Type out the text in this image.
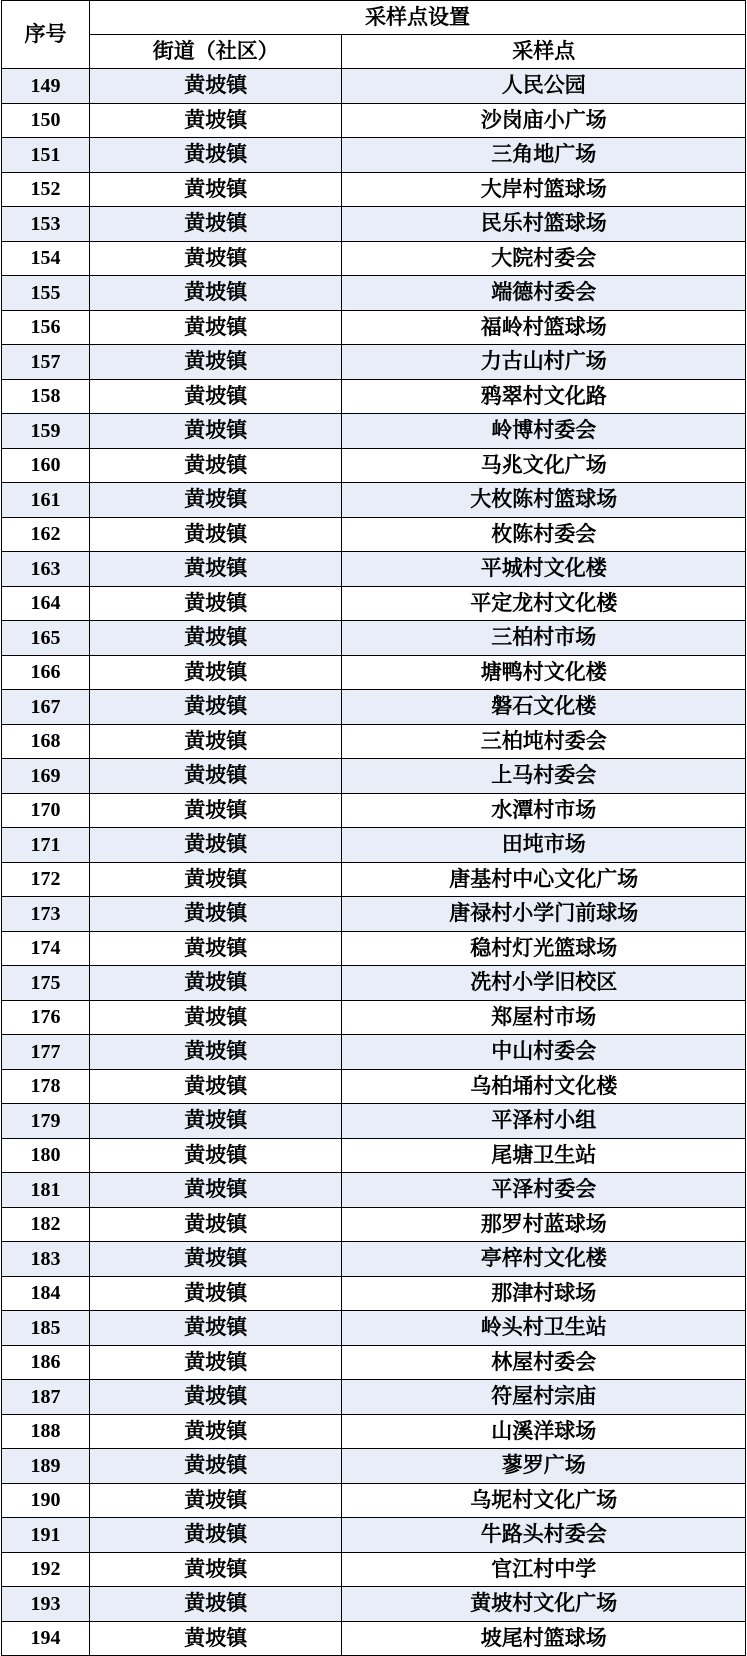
序号	采样点设置	
	街道（社区）	采样点
149	黄坡镇	人民公园
150	黄坡镇	沙岗庙小广场
151	黄坡镇	三角地广场
152	黄坡镇	大岸村篮球场
153	黄坡镇	民乐村篮球场
154	黄坡镇	大院村委会
155	黄坡镇	端德村委会
156	黄坡镇	福岭村篮球场
157	黄坡镇	力古山村广场
158	黄坡镇	鸦翠村文化路
159	黄坡镇	岭博村委会
160	黄坡镇	马兆文化广场
161	黄坡镇	大枚陈村篮球场
162	黄坡镇	枚陈村委会
163	黄坡镇	平城村文化楼
164	黄坡镇	平定龙村文化楼
165	黄坡镇	三柏村市场
166	黄坡镇	塘鸭村文化楼
167	黄坡镇	磐石文化楼
168	黄坡镇	三柏坉村委会
169	黄坡镇	上马村委会
170	黄坡镇	水潭村市场
171	黄坡镇	田坉市场
172	黄坡镇	唐基村中心文化广场
173	黄坡镇	唐禄村小学门前球场
174	黄坡镇	稳村灯光篮球场
175	黄坡镇	冼村小学旧校区
176	黄坡镇	郑屋村市场
177	黄坡镇	中山村委会
178	黄坡镇	乌柏埇村文化楼
179	黄坡镇	平泽村小组
180	黄坡镇	尾塘卫生站
181	黄坡镇	平泽村委会
182	黄坡镇	那罗村蓝球场
183	黄坡镇	亭梓村文化楼
184	黄坡镇	那津村球场
185	黄坡镇	岭头村卫生站
186	黄坡镇	林屋村委会
187	黄坡镇	符屋村宗庙
188	黄坡镇	山溪洋球场
189	黄坡镇	蓼罗广场
190	黄坡镇	乌坭村文化广场
191	黄坡镇	牛路头村委会
192	黄坡镇	官江村中学
193	黄坡镇	黄坡村文化广场
194	黄坡镇	坡尾村篮球场
